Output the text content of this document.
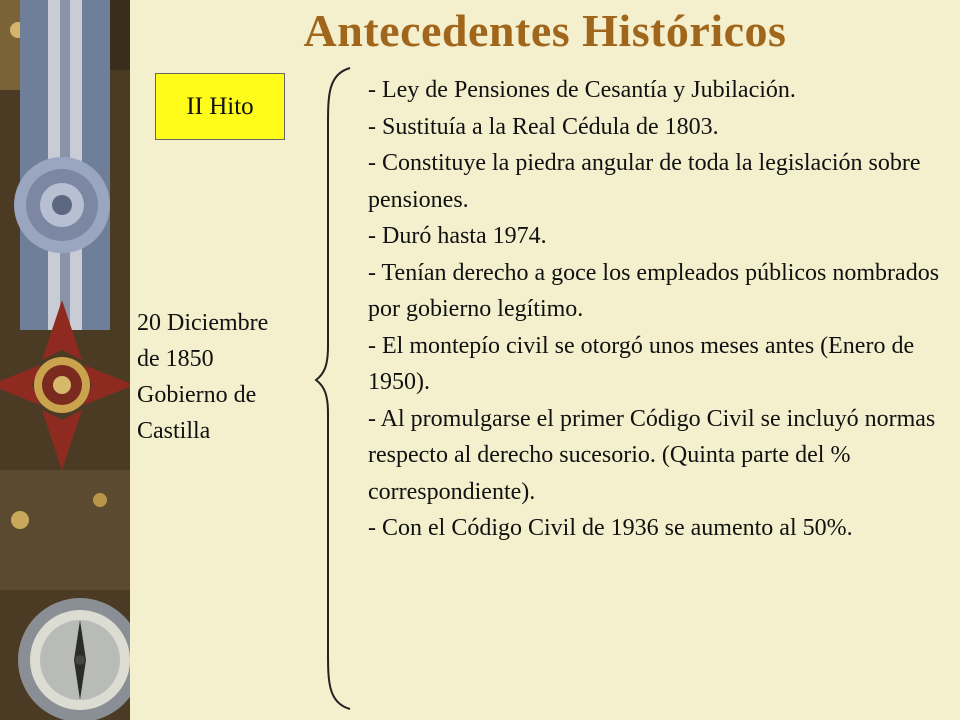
Antecedentes Históricos
II Hito
20 Diciembre
de 1850
Gobierno de
Castilla
- Ley de Pensiones de Cesantía y Jubilación.
- Sustituía a la Real Cédula de 1803.
- Constituye la piedra angular de toda la legislación sobre pensiones.
- Duró hasta 1974.
- Tenían derecho a goce los empleados públicos nombrados por gobierno legítimo.
- El montepío civil se otorgó unos meses antes (Enero de 1950).
- Al promulgarse el primer Código Civil se incluyó normas respecto al derecho sucesorio. (Quinta parte del % correspondiente).
- Con el Código Civil de 1936 se aumento al 50%.
